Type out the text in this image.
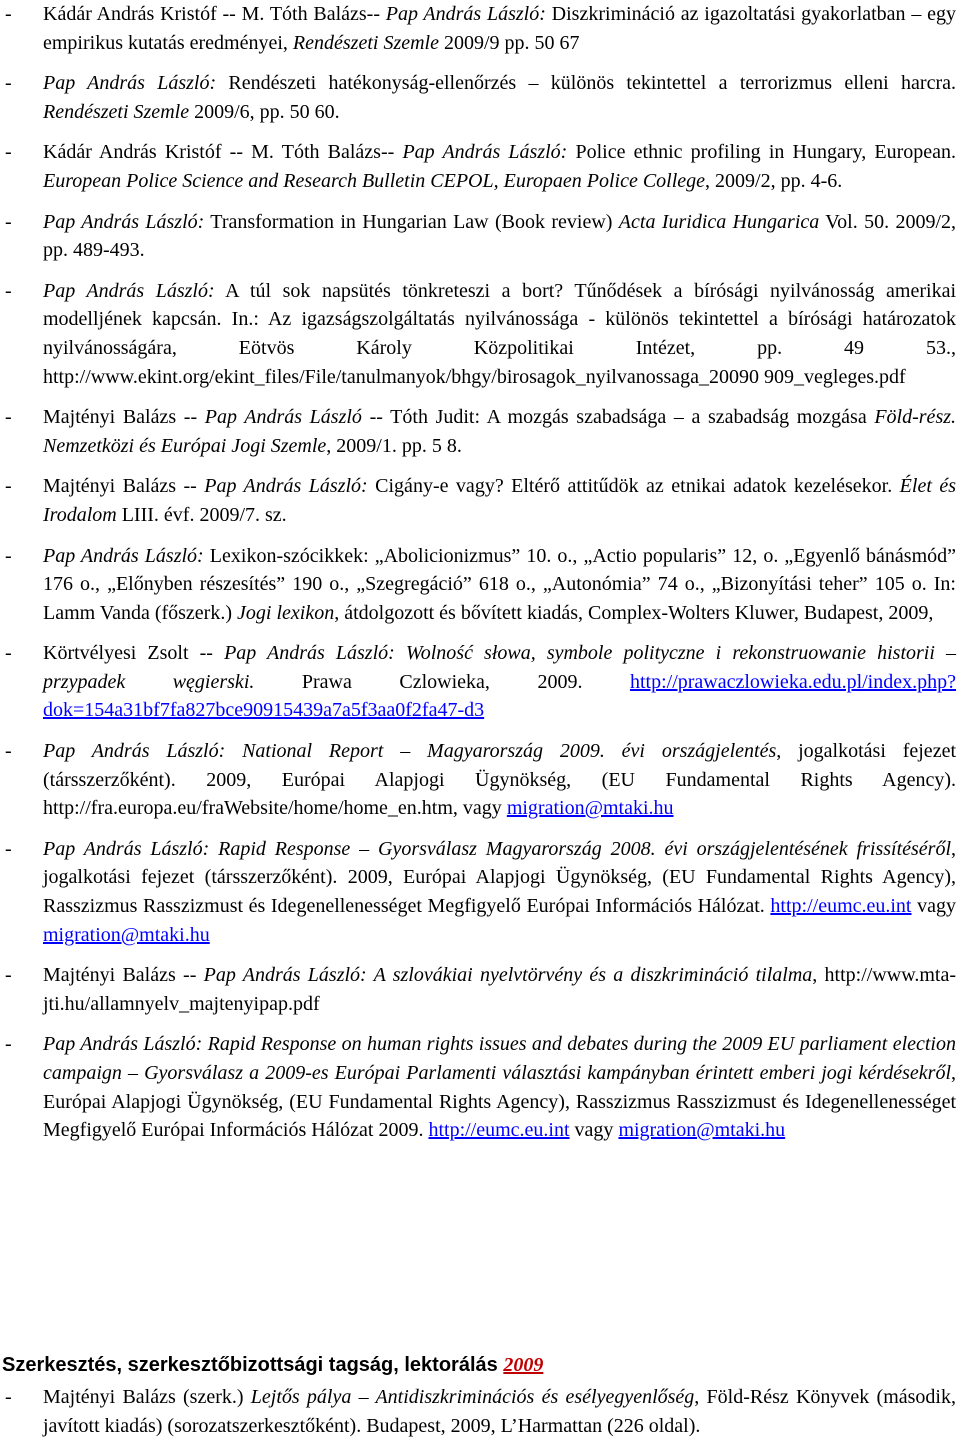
- Kádár András Kristóf -- M. Tóth Balázs-- Pap András László: Diszkrimináció az igazoltatási gyakorlatban – egy empirikus kutatás eredményei, Rendészeti Szemle 2009/9 pp. 50 67
- Pap András László: Rendészeti hatékonyság-ellenőrzés – különös tekintettel a terrorizmus elleni harcra. Rendészeti Szemle 2009/6, pp. 50 60.
- Kádár András Kristóf -- M. Tóth Balázs-- Pap András László: Police ethnic profiling in Hungary, European. European Police Science and Research Bulletin CEPOL, Europaen Police College, 2009/2, pp. 4-6.
- Pap András László: Transformation in Hungarian Law (Book review) Acta Iuridica Hungarica Vol. 50. 2009/2, pp. 489-493.
- Pap András László: A túl sok napsütés tönkreteszi a bort? Tűnődések a bírósági nyilvánosság amerikai modelljének kapcsán. In.: Az igazságszolgáltatás nyilvánossága - különös tekintettel a bírósági határozatok nyilvánosságára, Eötvös Károly Közpolitikai Intézet, pp. 49 53., http://www.ekint.org/ekint_files/File/tanulmanyok/bhgy/birosagok_nyilvanossaga_20090 909_vegleges.pdf
- Majtényi Balázs -- Pap András László -- Tóth Judit: A mozgás szabadsága – a szabadság mozgása Föld-rész. Nemzetközi és Európai Jogi Szemle, 2009/1. pp. 5 8.
- Majtényi Balázs -- Pap András László: Cigány-e vagy? Eltérő attitűdök az etnikai adatok kezelésekor. Élet és Irodalom LIII. évf. 2009/7. sz.
- Pap András László: Lexikon-szócikkek: „Abolicionizmus” 10. o., „Actio popularis” 12, o. „Egyenlő bánásmód” 176 o., „Előnyben részesítés” 190 o., „Szegregáció” 618 o., „Autonómia” 74 o., „Bizonyítási teher” 105 o. In: Lamm Vanda (főszerk.) Jogi lexikon, átdolgozott és bővített kiadás, Complex-Wolters Kluwer, Budapest, 2009,
- Körtvélyesi Zsolt -- Pap András László: Wolność słowa, symbole polityczne i rekonstruowanie historii – przypadek węgierski. Prawa Czlowieka, 2009. http://prawaczlowieka.edu.pl/index.php?dok=154a31bf7fa827bce90915439a7a5f3aa0f2fa47-d3
- Pap András László: National Report – Magyarország 2009. évi országjelentés, jogalkotási fejezet (társszerzőként). 2009, Európai Alapjogi Ügynökség, (EU Fundamental Rights Agency). http://fra.europa.eu/fraWebsite/home/home_en.htm, vagy migration@mtaki.hu
- Pap András László: Rapid Response – Gyorsválasz Magyarország 2008. évi országjelentésének frissítéséről, jogalkotási fejezet (társszerzőként). 2009, Európai Alapjogi Ügynökség, (EU Fundamental Rights Agency), Rasszizmus Rasszizmust és Idegenellenességet Megfigyelő Európai Információs Hálózat. http://eumc.eu.int vagy migration@mtaki.hu
- Majtényi Balázs -- Pap András László: A szlovákiai nyelvtörvény és a diszkrimináció tilalma, http://www.mta-jti.hu/allamnyelv_majtenyipap.pdf
- Pap András László: Rapid Response on human rights issues and debates during the 2009 EU parliament election campaign – Gyorsválasz a 2009-es Európai Parlamenti választási kampányban érintett emberi jogi kérdésekről, Európai Alapjogi Ügynökség, (EU Fundamental Rights Agency), Rasszizmus Rasszizmust és Idegenellenességet Megfigyelő Európai Információs Hálózat 2009. http://eumc.eu.int vagy migration@mtaki.hu
Szerkesztés, szerkesztőbizottsági tagság, lektorálás 2009
- Majtényi Balázs (szerk.) Lejtős pálya – Antidiszkriminációs és esélyegyenlőség, Föld-Rész Könyvek (második, javított kiadás) (sorozatszerkesztőként). Budapest, 2009, L’Harmattan (226 oldal).
